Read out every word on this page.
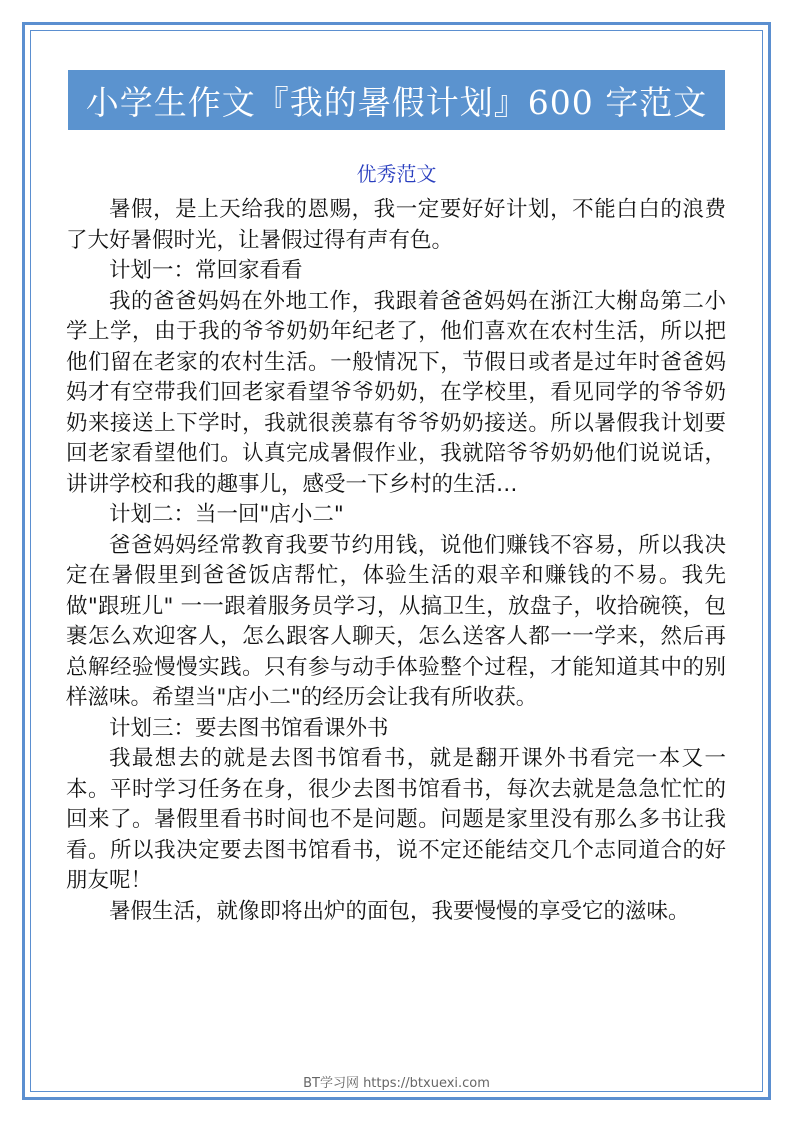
小学生作文『我的暑假计划』600 字范文
优秀范文

暑假，是上天给我的恩赐，我一定要好好计划，不能白白的浪费了大好暑假时光，让暑假过得有声有色。

计划一：常回家看看

我的爸爸妈妈在外地工作，我跟着爸爸妈妈在浙江大榭岛第二小学上学，由于我的爷爷奶奶年纪老了，他们喜欢在农村生活，所以把他们留在老家的农村生活。一般情况下，节假日或者是过年时爸爸妈妈才有空带我们回老家看望爷爷奶奶，在学校里，看见同学的爷爷奶奶来接送上下学时，我就很羡慕有爷爷奶奶接送。所以暑假我计划要回老家看望他们。认真完成暑假作业，我就陪爷爷奶奶他们说说话，讲讲学校和我的趣事儿，感受一下乡村的生活…

计划二：当一回"店小二"

爸爸妈妈经常教育我要节约用钱，说他们赚钱不容易，所以我决定在暑假里到爸爸饭店帮忙，体验生活的艰辛和赚钱的不易。我先做"跟班儿" 一一跟着服务员学习，从搞卫生，放盘子，收拾碗筷，包裹怎么欢迎客人，怎么跟客人聊天，怎么送客人都一一学来，然后再总解经验慢慢实践。只有参与动手体验整个过程，才能知道其中的别样滋味。希望当"店小二"的经历会让我有所收获。

计划三：要去图书馆看课外书

我最想去的就是去图书馆看书，就是翻开课外书看完一本又一本。平时学习任务在身，很少去图书馆看书，每次去就是急急忙忙的回来了。暑假里看书时间也不是问题。问题是家里没有那么多书让我看。所以我决定要去图书馆看书，说不定还能结交几个志同道合的好朋友呢！

暑假生活，就像即将出炉的面包，我要慢慢的享受它的滋味。

BT学习网 https://btxuexi.com
